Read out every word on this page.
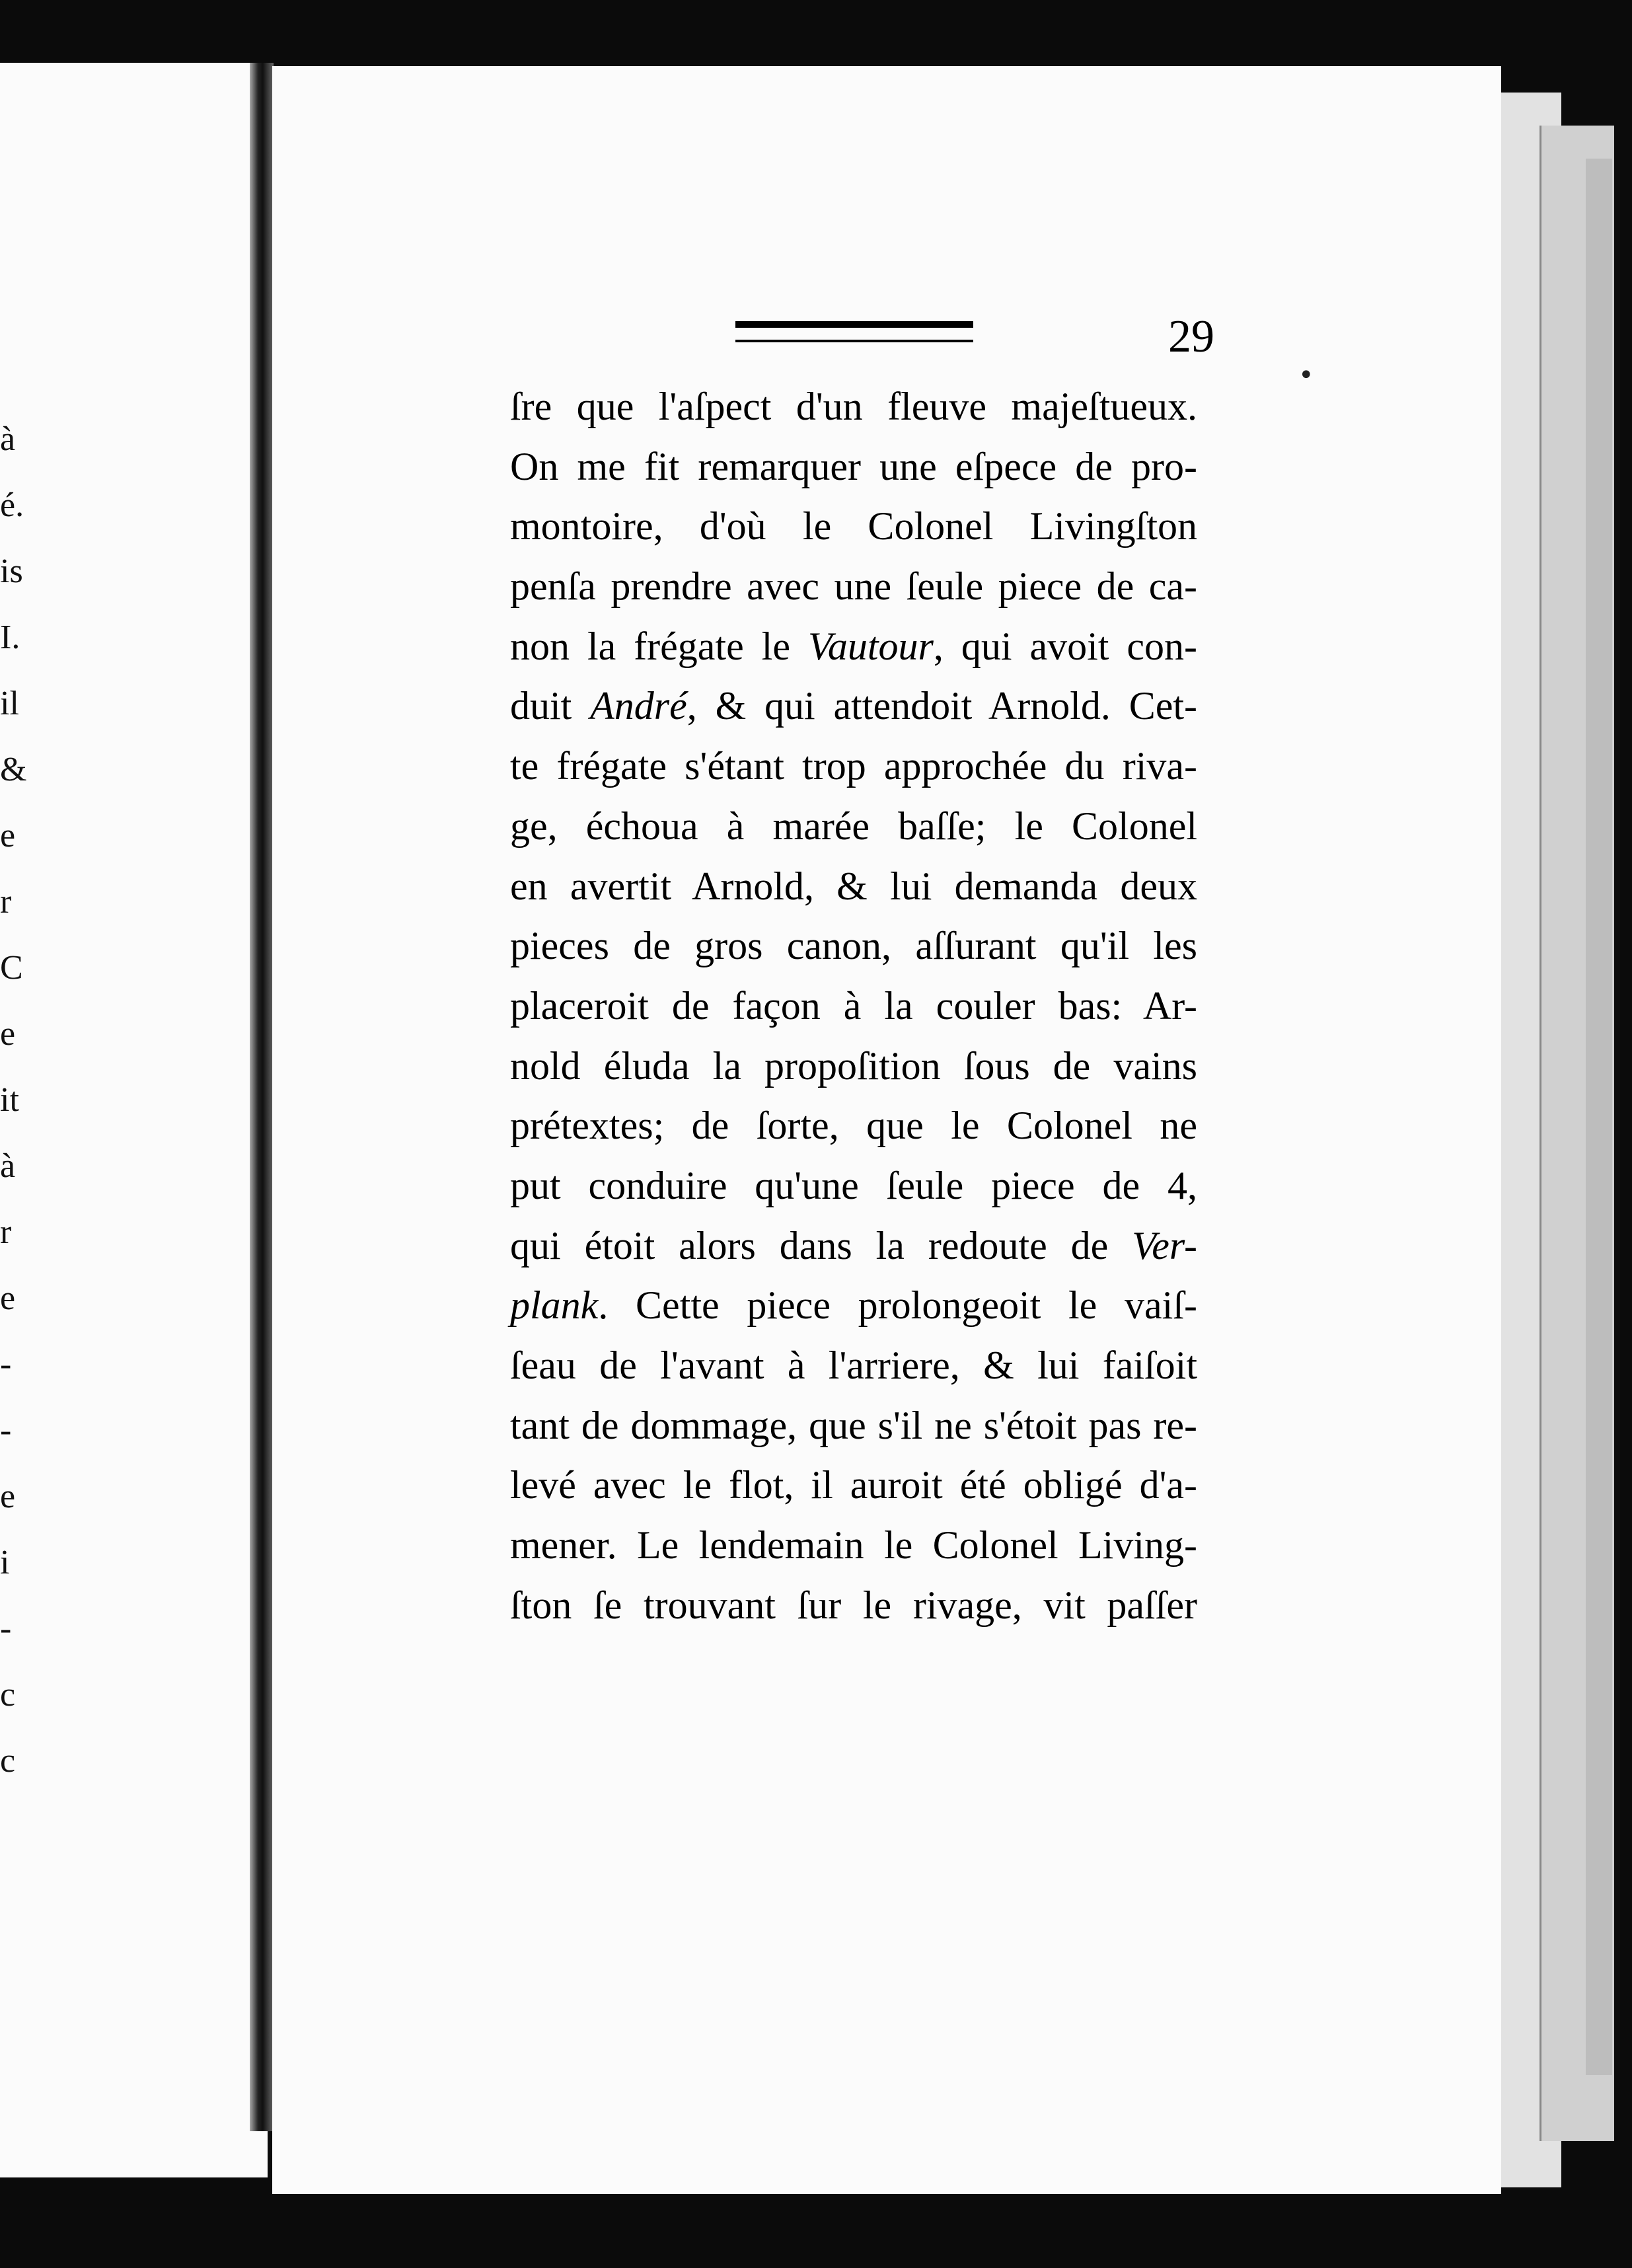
à
é.
is
I.
il
&
e
r
C
e
it
à
r
e
-
-
e
i
-
c
c
29
•
ſre que l'aſpect d'un fleuve majeſtueux.
On me fit remarquer une eſpece de pro-
montoire, d'où le Colonel Livingſton
penſa prendre avec une ſeule piece de ca-
non la frégate le Vautour, qui avoit con-
duit André, & qui attendoit Arnold. Cet-
te frégate s'étant trop approchée du riva-
ge, échoua à marée baſſe; le Colonel
en avertit Arnold, & lui demanda deux
pieces de gros canon, aſſurant qu'il les
placeroit de façon à la couler bas: Ar-
nold éluda la propoſition ſous de vains
prétextes; de ſorte, que le Colonel ne
put conduire qu'une ſeule piece de 4,
qui étoit alors dans la redoute de Ver-
plank. Cette piece prolongeoit le vaiſ-
ſeau de l'avant à l'arriere, & lui faiſoit
tant de dommage, que s'il ne s'étoit pas re-
levé avec le flot, il auroit été obligé d'a-
mener. Le lendemain le Colonel Living-
ſton ſe trouvant ſur le rivage, vit paſſer
